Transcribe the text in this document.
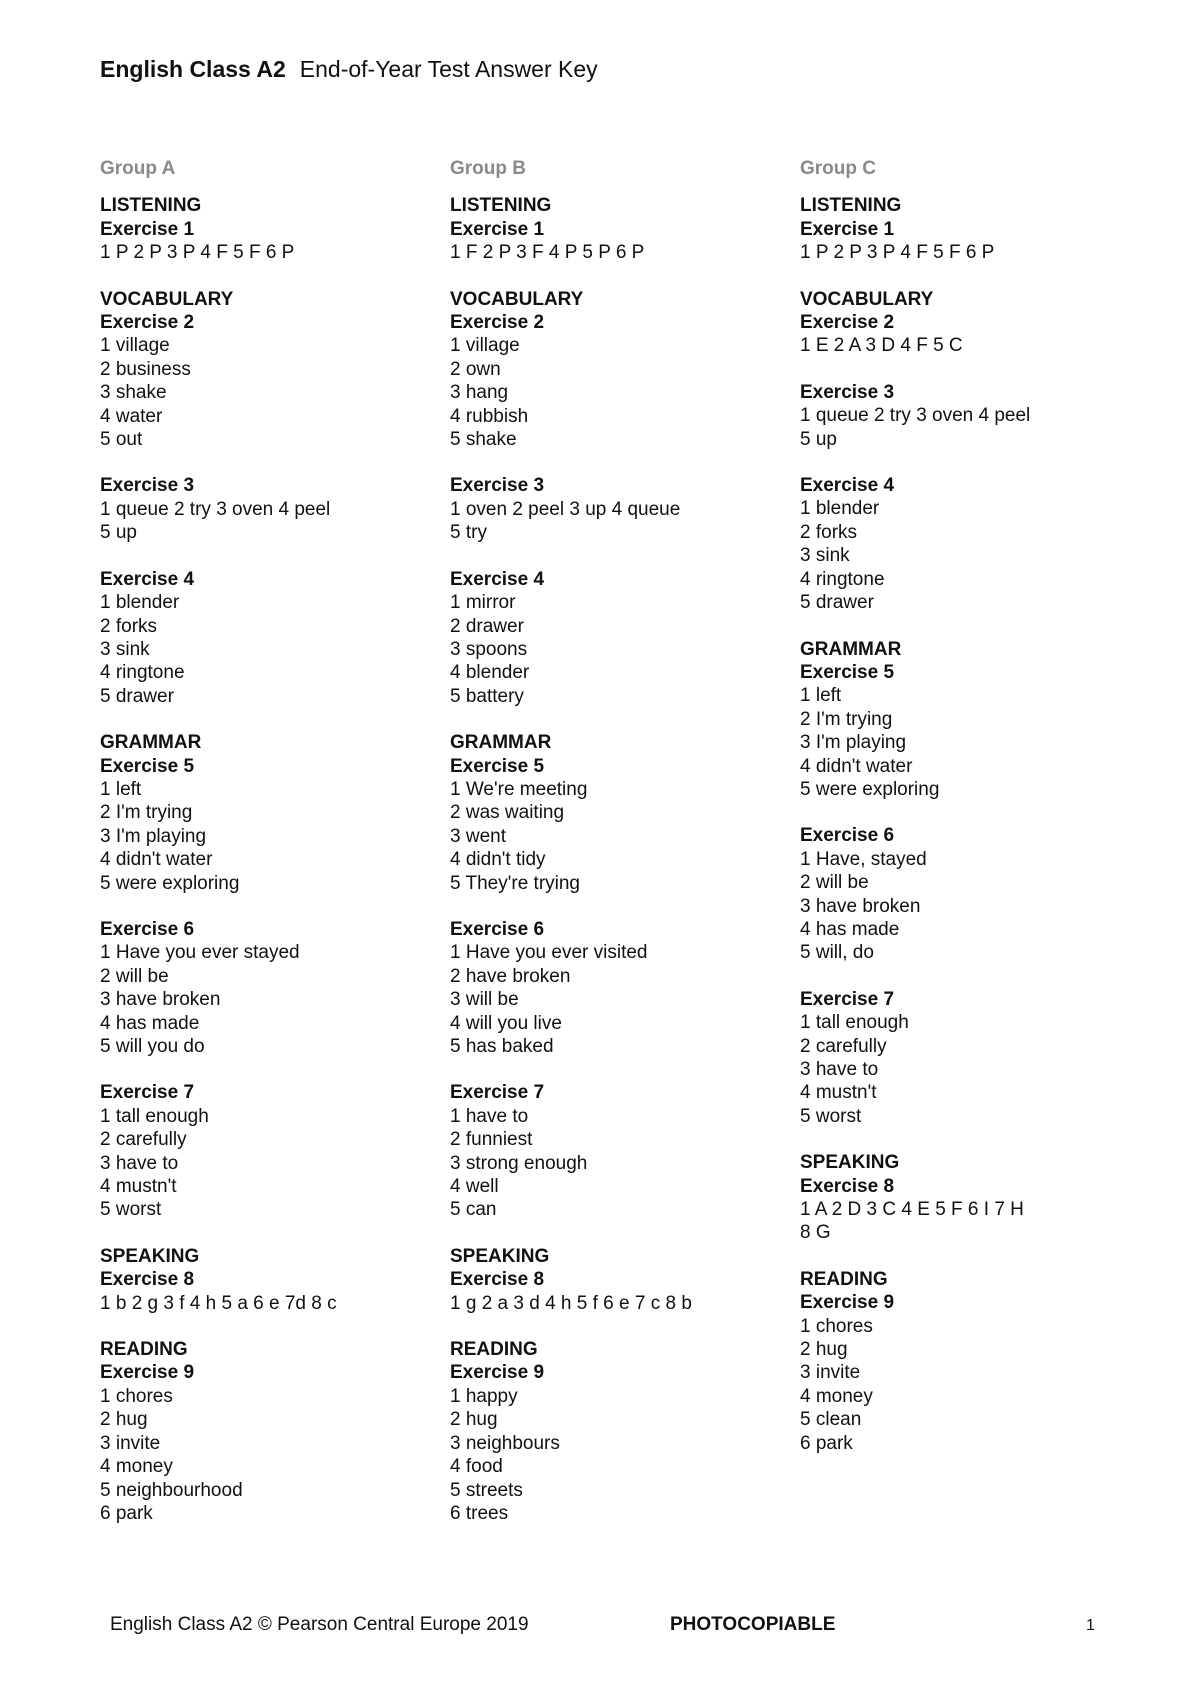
English Class A2 End-of-Year Test Answer Key
Group A
LISTENING
Exercise 1
1 P 2 P 3 P 4 F 5 F 6 P
VOCABULARY
Exercise 2
1 village
2 business
3 shake
4 water
5 out
Exercise 3
1 queue 2 try 3 oven 4 peel
5 up
Exercise 4
1 blender
2 forks
3 sink
4 ringtone
5 drawer
GRAMMAR
Exercise 5
1 left
2 I'm trying
3 I'm playing
4 didn't water
5 were exploring
Exercise 6
1 Have you ever stayed
2 will be
3 have broken
4 has made
5 will you do
Exercise 7
1 tall enough
2 carefully
3 have to
4 mustn't
5 worst
SPEAKING
Exercise 8
1 b 2 g 3 f 4 h 5 a 6 e 7d 8 c
READING
Exercise 9
1 chores
2 hug
3 invite
4 money
5 neighbourhood
6 park
Group B
LISTENING
Exercise 1
1 F 2 P 3 F 4 P 5 P 6 P
VOCABULARY
Exercise 2
1 village
2 own
3 hang
4 rubbish
5 shake
Exercise 3
1 oven 2 peel 3 up 4 queue
5 try
Exercise 4
1 mirror
2 drawer
3 spoons
4 blender
5 battery
GRAMMAR
Exercise 5
1 We're meeting
2 was waiting
3 went
4 didn't tidy
5 They're trying
Exercise 6
1 Have you ever visited
2 have broken
3 will be
4 will you live
5 has baked
Exercise 7
1 have to
2 funniest
3 strong enough
4 well
5 can
SPEAKING
Exercise 8
1 g 2 a 3 d 4 h 5 f 6 e 7 c 8 b
READING
Exercise 9
1 happy
2 hug
3 neighbours
4 food
5 streets
6 trees
Group C
LISTENING
Exercise 1
1 P 2 P 3 P 4 F 5 F 6 P
VOCABULARY
Exercise 2
1 E 2 A 3 D 4 F 5 C
Exercise 3
1 queue 2 try 3 oven 4 peel
5 up
Exercise 4
1 blender
2 forks
3 sink
4 ringtone
5 drawer
GRAMMAR
Exercise 5
1 left
2 I'm trying
3 I'm playing
4 didn't water
5 were exploring
Exercise 6
1 Have, stayed
2 will be
3 have broken
4 has made
5 will, do
Exercise 7
1 tall enough
2 carefully
3 have to
4 mustn't
5 worst
SPEAKING
Exercise 8
1 A 2 D 3 C 4 E 5 F 6 I 7 H
8 G
READING
Exercise 9
1 chores
2 hug
3 invite
4 money
5 clean
6 park
English Class A2 © Pearson Central Europe 2019	PHOTOCOPIABLE	1
